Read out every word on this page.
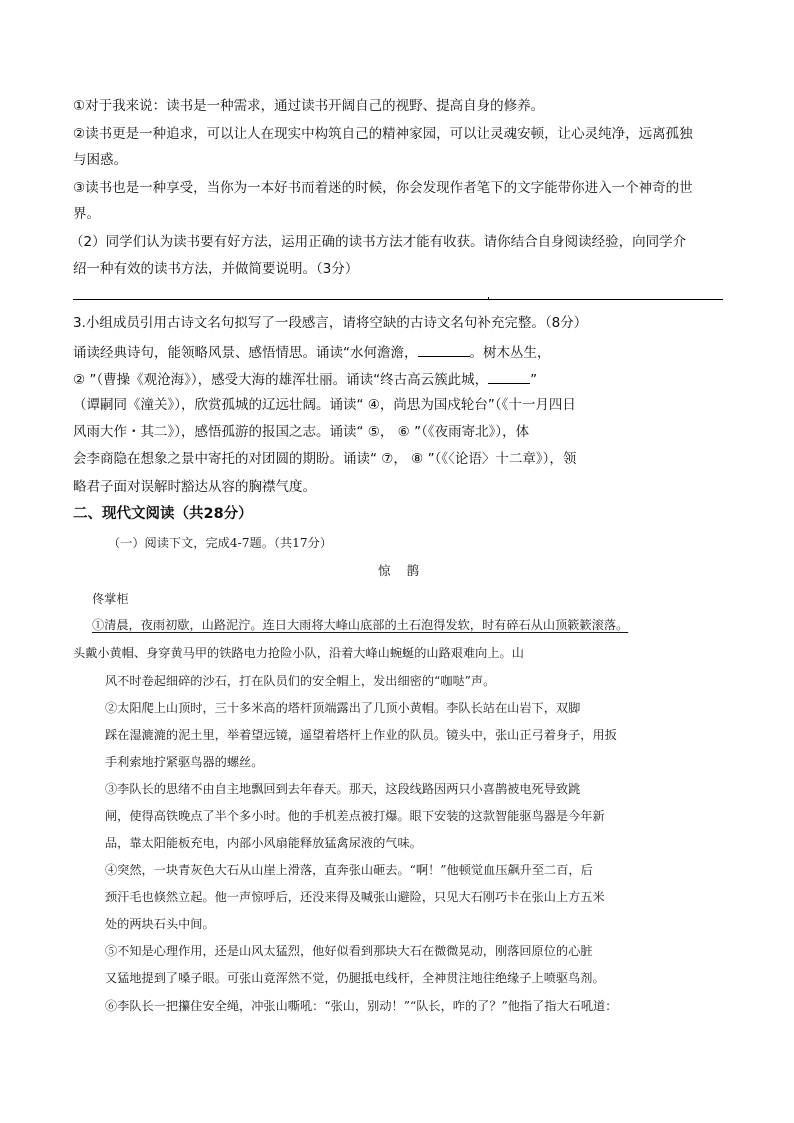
①对于我来说：读书是一种需求，通过读书开阔自己的视野、提高自身的修养。
②读书更是一种追求，可以让人在现实中构筑自己的精神家园，可以让灵魂安顿，让心灵纯净，远离孤独
与困惑。
③读书也是一种享受，当你为一本好书而着迷的时候，你会发现作者笔下的文字能带你进入一个神奇的世
界。
（2）同学们认为读书要有好方法，运用正确的读书方法才能有收获。请你结合自身阅读经验，向同学介
绍一种有效的读书方法，并做简要说明。（3分）
3.小组成员引用古诗文名句拟写了一段感言，请将空缺的古诗文名句补充完整。（8分）
诵读经典诗句，能领略风景、感悟情思。诵读“水何澹澹，	。树木丛生，
② ”（曹操《观沧海》），感受大海的雄浑壮丽。诵读“终古高云簇此城，	”
（谭嗣同《潼关》），欣赏孤城的辽远壮阔。诵读“ ④，尚思为国戍轮台”（《十一月四日
风雨大作・其二》），感悟孤游的报国之志。诵读“ ⑤， ⑥ ”（《夜雨寄北》），体
会李商隐在想象之景中寄托的对团圆的期盼。诵读“ ⑦， ⑧ ”（《〈论语〉十二章》），领
略君子面对误解时豁达从容的胸襟气度。
二、现代文阅读（共28分）
（一）阅读下文，完成4-7题。（共17分）
惊 鹊
佟掌柜
①清晨，夜雨初歇，山路泥泞。连日大雨将大峰山底部的土石泡得发软，时有碎石从山顶簌簌滚落。
头戴小黄帽、身穿黄马甲的铁路电力抢险小队，沿着大峰山蜿蜒的山路艰难向上。山
风不时卷起细碎的沙石，打在队员们的安全帽上，发出细密的“咖哒”声。
②太阳爬上山顶时，三十多米高的塔杆顶端露出了几顶小黄帽。李队长站在山岩下，双脚
踩在湿漉漉的泥土里，举着望远镜，遥望着塔杆上作业的队员。镜头中，张山正弓着身子，用扳
手利索地拧紧驱鸟器的螺丝。
③李队长的思绪不由自主地飘回到去年春天。那天，这段线路因两只小喜鹊被电死导致跳
闸，使得高铁晚点了半个多小时。他的手机差点被打爆。眼下安装的这款智能驱鸟器是今年新
品，靠太阳能板充电，内部小风扇能释放猛禽尿液的气味。
④突然，一块青灰色大石从山崖上滑落，直奔张山砸去。“啊！”他顿觉血压飙升至二百，后
颈汗毛也倏然立起。他一声惊呼后，还没来得及喊张山避险，只见大石刚巧卡在张山上方五米
处的两块石头中间。
⑤不知是心理作用，还是山风太猛烈，他好似看到那块大石在微微晃动，刚落回原位的心脏
又猛地提到了嗓子眼。可张山竟浑然不觉，仍腿抵电线杆，全神贯注地往绝缘子上喷驱鸟剂。
⑥李队长一把攥住安全绳，冲张山嘶吼：“张山，别动！”“队长，咋的了？”他指了指大石吼道：
